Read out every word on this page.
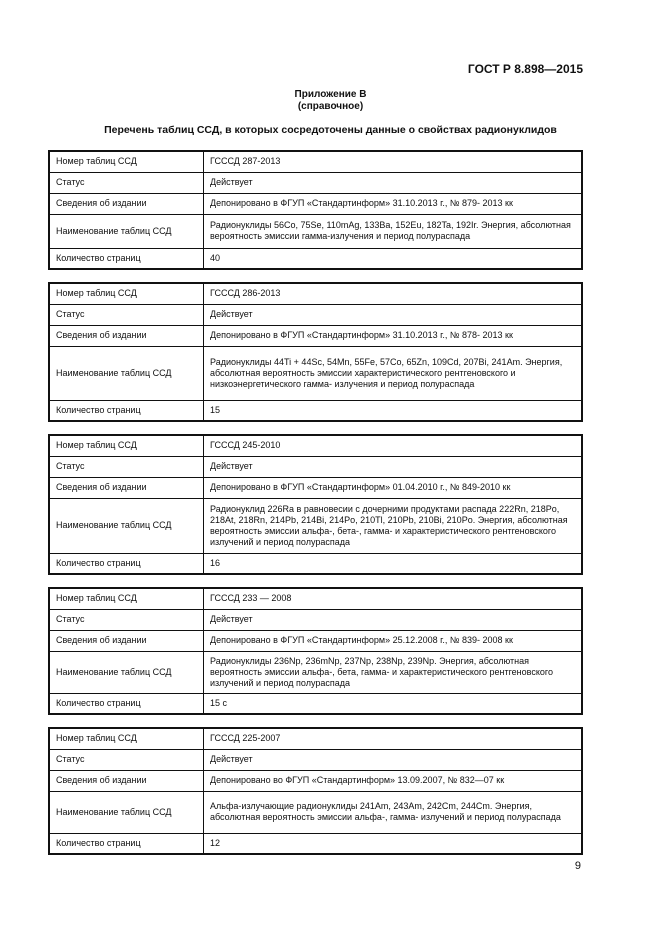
ГОСТ Р 8.898—2015
Приложение В
(справочное)
Перечень таблиц ССД, в которых сосредоточены данные о свойствах радионуклидов
Номер таблиц ССД	ГСССД 287-2013
Статус	Действует
Сведения об издании	Депонировано в ФГУП «Стандартинформ» 31.10.2013 г., № 879- 2013 кк
Наименование таблиц ССД	Радионуклиды 56Co, 75Se, 110mAg, 133Ba, 152Eu, 182Ta, 192Ir. Энергия, абсолютная вероятность эмиссии гамма-излучения и период полураспада
Количество страниц	40
Номер таблиц ССД	ГСССД 286-2013
Статус	Действует
Сведения об издании	Депонировано в ФГУП «Стандартинформ» 31.10.2013 г., № 878- 2013 кк
Наименование таблиц ССД	Радионуклиды 44Ti + 44Sc, 54Mn, 55Fe, 57Co, 65Zn, 109Cd, 207Bi, 241Am. Энергия, абсолютная вероятность эмиссии характеристического рентгеновского и низкоэнергетического гамма- излучения и период полураспада
Количество страниц	15
Номер таблиц ССД	ГСССД 245-2010
Статус	Действует
Сведения об издании	Депонировано в ФГУП «Стандартинформ» 01.04.2010 г., № 849-2010 кк
Наименование таблиц ССД	Радионуклид 226Ra в равновесии с дочерними продуктами распада 222Rn, 218Po, 218At, 218Rn, 214Pb, 214Bi, 214Po, 210Tl, 210Pb, 210Bi, 210Po. Энергия, абсолютная вероятность эмиссии альфа-, бета-, гамма- и характеристического рентгеновского излучений и период полураспада
Количество страниц	16
Номер таблиц ССД	ГСССД 233 — 2008
Статус	Действует
Сведения об издании	Депонировано в ФГУП «Стандартинформ» 25.12.2008 г., № 839- 2008 кк
Наименование таблиц ССД	Радионуклиды 236Np, 236mNp, 237Np, 238Np, 239Np. Энергия, абсолютная вероятность эмиссии альфа-, бета, гамма- и характеристического рентгеновского излучений и период полураспада
Количество страниц	15 с
Номер таблиц ССД	ГСССД 225-2007
Статус	Действует
Сведения об издании	Депонировано во ФГУП «Стандартинформ» 13.09.2007, № 832—07 кк
Наименование таблиц ССД	Альфа-излучающие радионуклиды 241Am, 243Am, 242Cm, 244Cm. Энергия, абсолютная вероятность эмиссии альфа-, гамма- излучений и период полураспада
Количество страниц	12
9
